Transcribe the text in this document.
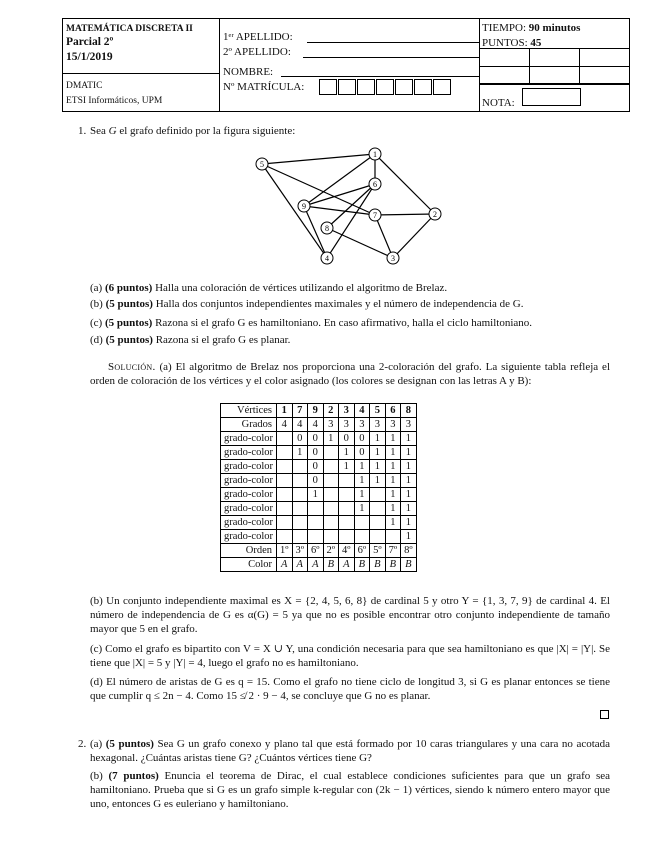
MATEMÁTICA DISCRETA II
Parcial 2º
15/1/2019
DMATIC
ETSI Informáticos, UPM
1ᵉʳ APELLIDO:
2º APELLIDO:
NOMBRE:
Nº MATRÍCULA:
TIEMPO: 90 minutos
PUNTOS: 45
NOTA:
1. Sea G el grafo definido por la figura siguiente:
1
2
3
4
5
6
7
8
9
(a) (6 puntos) Halla una coloración de vértices utilizando el algoritmo de Brelaz.
(b) (5 puntos) Halla dos conjuntos independientes maximales y el número de independencia de G.
(c) (5 puntos) Razona si el grafo G es hamiltoniano. En caso afirmativo, halla el ciclo hamiltoniano.
(d) (5 puntos) Razona si el grafo G es planar.
Solución. (a) El algoritmo de Brelaz nos proporciona una 2-coloración del grafo. La siguiente tabla refleja el orden de coloración de los vértices y el color asignado (los colores se designan con las letras A y B):
Vértices	1	7	9	2	3	4	5	6	8
Grados	4	4	4	3	3	3	3	3	3
grado-color		0	0	1	0	0	1	1	1
grado-color		1	0		1	0	1	1	1
grado-color			0		1	1	1	1	1
grado-color			0			1	1	1	1
grado-color			1			1		1	1
grado-color						1		1	1
grado-color								1	1
grado-color									1
Orden	1º	3º	6º	2º	4º	6º	5º	7º	8º
Color	A	A	A	B	A	B	B	B	B
(b) Un conjunto independiente maximal es X = {2, 4, 5, 6, 8} de cardinal 5 y otro Y = {1, 3, 7, 9} de cardinal 4. El número de independencia de G es α(G) = 5 ya que no es posible encontrar otro conjunto independiente de tamaño mayor que 5 en el grafo.
(c) Como el grafo es bipartito con V = X ∪ Y, una condición necesaria para que sea hamiltoniano es que |X| = |Y|. Se tiene que |X| = 5 y |Y| = 4, luego el grafo no es hamiltoniano.
(d) El número de aristas de G es q = 15. Como el grafo no tiene ciclo de longitud 3, si G es planar entonces se tiene que cumplir q ≤ 2n − 4. Como 15 ≰ 2 · 9 − 4, se concluye que G no es planar.
2. (a) (5 puntos) Sea G un grafo conexo y plano tal que está formado por 10 caras triangulares y una cara no acotada hexagonal. ¿Cuántas aristas tiene G? ¿Cuántos vértices tiene G?
(b) (7 puntos) Enuncia el teorema de Dirac, el cual establece condiciones suficientes para que un grafo sea hamiltoniano. Prueba que si G es un grafo simple k-regular con (2k − 1) vértices, siendo k número entero mayor que uno, entonces G es euleriano y hamiltoniano.
